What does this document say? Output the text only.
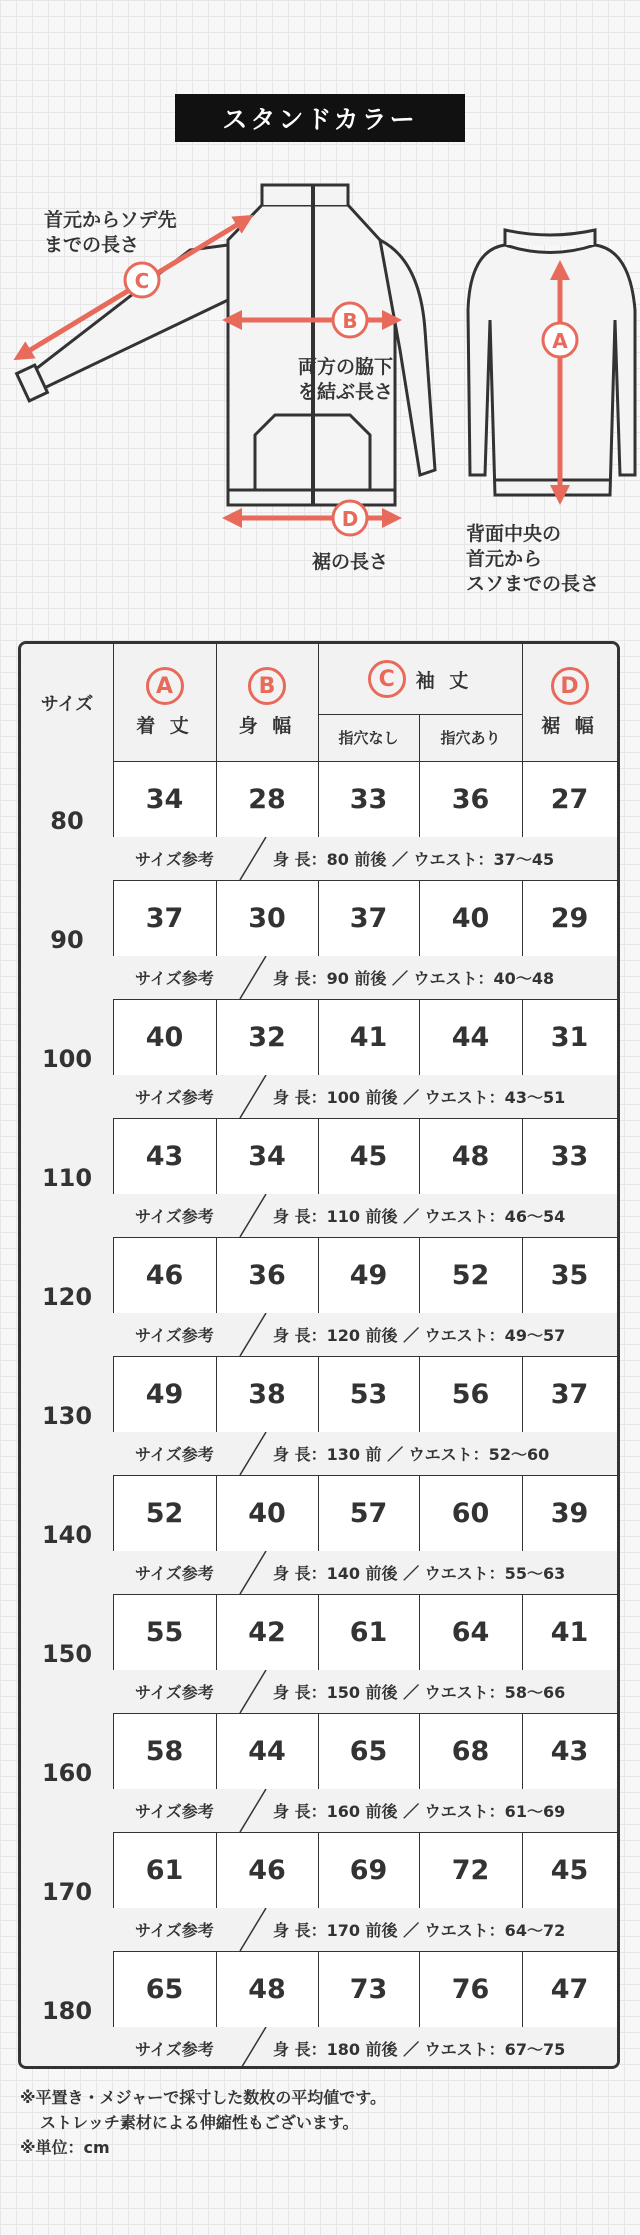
スタンドカラー
C
B
D
A
首元からソデ先
までの長さ
両方の脇下
を結ぶ長さ
裾の長さ
背面中央の
首元から
スソまでの長さ
サイズ
A
着 丈
B
身 幅
C	袖 丈
指穴なし	指穴あり
D
裾 幅
80
34 28 33 36 27
サイズ参考	身 長：80 前後 ／ ウエスト：37〜45
90
37 30 37 40 29
サイズ参考	身 長：90 前後 ／ ウエスト：40〜48
100
40 32 41 44 31
サイズ参考	身 長：100 前後 ／ ウエスト：43〜51
110
43 34 45 48 33
サイズ参考	身 長：110 前後 ／ ウエスト：46〜54
120
46 36 49 52 35
サイズ参考	身 長：120 前後 ／ ウエスト：49〜57
130
49 38 53 56 37
サイズ参考	身 長：130 前 ／ ウエスト：52〜60
140
52 40 57 60 39
サイズ参考	身 長：140 前後 ／ ウエスト：55〜63
150
55 42 61 64 41
サイズ参考	身 長：150 前後 ／ ウエスト：58〜66
160
58 44 65 68 43
サイズ参考	身 長：160 前後 ／ ウエスト：61〜69
170
61 46 69 72 45
サイズ参考	身 長：170 前後 ／ ウエスト：64〜72
180
65 48 73 76 47
サイズ参考	身 長：180 前後 ／ ウエスト：67〜75
※平置き・メジャーで採寸した数枚の平均値です。
ストレッチ素材による伸縮性もございます。
※単位：cm
